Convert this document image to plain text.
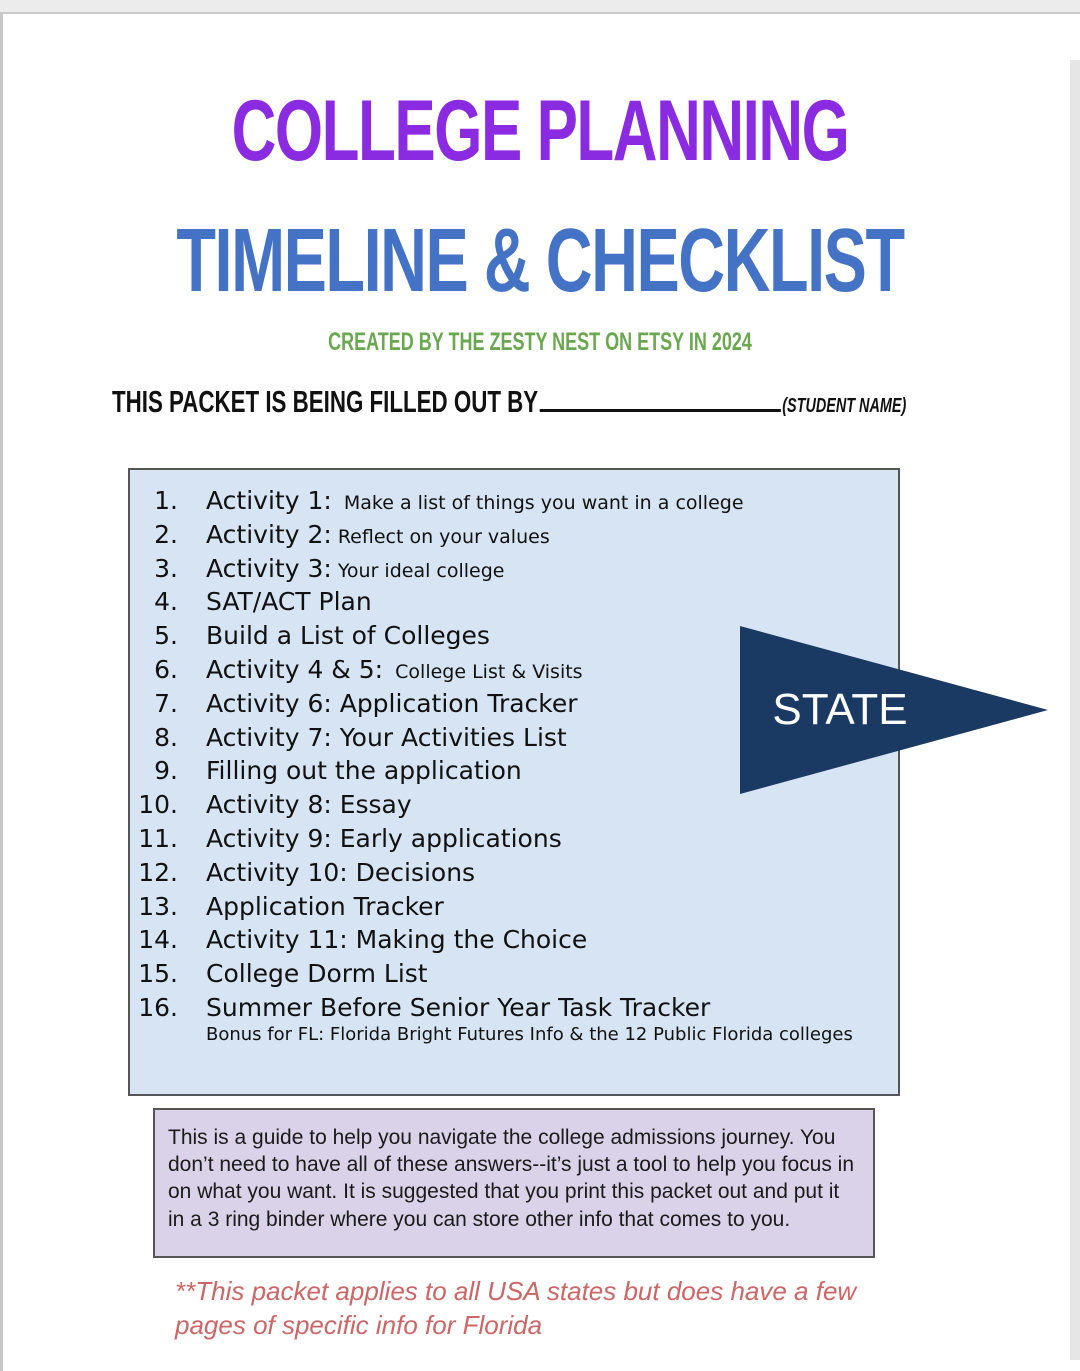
COLLEGE PLANNING
TIMELINE & CHECKLIST
CREATED BY THE ZESTY NEST ON ETSY IN 2024
THIS PACKET IS BEING FILLED OUT BY	(STUDENT NAME)
1. Activity 1:  Make a list of things you want in a college
2. Activity 2: Reflect on your values
3. Activity 3: Your ideal college
4. SAT/ACT Plan
5. Build a List of Colleges
6. Activity 4 & 5:  College List & Visits
7. Activity 6: Application Tracker
8. Activity 7: Your Activities List
9. Filling out the application
10. Activity 8: Essay
11. Activity 9: Early applications
12. Activity 10: Decisions
13. Application Tracker
14. Activity 11: Making the Choice
15. College Dorm List
16. Summer Before Senior Year Task Tracker
Bonus for FL: Florida Bright Futures Info & the 12 Public Florida colleges
STATE
This is a guide to help you navigate the college admissions journey. You don’t need to have all of these answers--it’s just a tool to help you focus in on what you want. It is suggested that you print this packet out and put it in a 3 ring binder where you can store other info that comes to you.
**This packet applies to all USA states but does have a few pages of specific info for Florida
